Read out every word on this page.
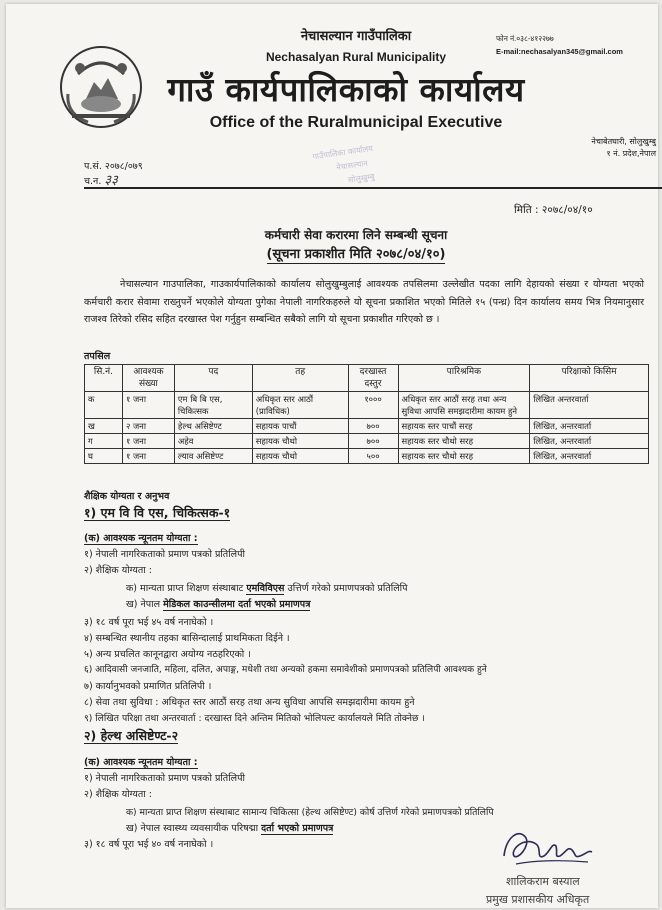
नेचासल्यान गाउँपालिका
Nechasalyan Rural Municipality
गाउँ कार्यपालिकाको कार्यालय
Office of the Ruralmunicipal Executive
फोन नं.०३८-४१२२७७
E-mail:nechasalyan345@gmail.com
नेचाबेतघारी, सोलुखुम्बु
१ नं. प्रदेश,नेपाल
गाउँपालिका कार्यालय
नेचासल्यान
सोलुखुम्बु
प.सं. २०७८/०७९
च.न. ३३
मिति : २०७८/०४/१०
कर्मचारी सेवा करारमा लिने सम्बन्धी सूचना
(सूचना प्रकाशीत मिति २०७८/०४/१०)
नेचासल्यान गाउपालिका, गाउकार्यपालिकाको कार्यालय सोलुखुम्बुलाई आवश्यक तपसिलमा उल्लेखीत पदका लागि देहायको संख्या र योग्यता भएको कर्मचारी करार सेवामा राख्नुपर्ने भएकोले योग्यता पुगेका नेपाली नागरिकहरुले यो सूचना प्रकाशित भएको मितिले १५ (पन्ध्र) दिन कार्यालय समय भित्र नियमानुसार राजश्व तिरेको रसिद सहित दरखास्त पेश गर्नुहुन सम्बन्धित सबैको लागि यो सूचना प्रकाशीत गरिएको छ ।
तपसिल
सि.नं.	आवश्यक संख्या	पद	तह	दरखास्त दस्तुर	पारिश्रमिक	परिक्षाको किसिम
क	१ जना	एम बि बि एस, चिकित्सक	अधिकृत स्तर आठौं (प्राविधिक)	१०००	अधिकृत स्तर आठौं सरह तथा अन्य सुविधा आपसि समझदारीमा कायम हुने	लिखित अन्तरवार्ता
ख	२ जना	हेल्थ असिष्टेण्ट	सहायक पाचौं	७००	सहायक स्तर पाचौं सरह	लिखित, अन्तरवार्ता
ग	१ जना	अहेव	सहायक चौथो	७००	सहायक स्तर चौथो सरह	लिखित, अन्तरवार्ता
घ	१ जना	ल्याव असिष्टेण्ट	सहायक चौथो	५००	सहायक स्तर चौथो सरह	लिखित, अन्तरवार्ता
शैक्षिक योग्यता र अनुभव
१) एम वि वि एस, चिकित्सक-१
(क) आवश्यक न्यूनतम योग्यता :
१) नेपाली नागरिकताको प्रमाण पत्रको प्रतिलिपी
२) शैक्षिक योग्यता :
क) मान्यता प्राप्त शिक्षण संस्थाबाट एमविविएस उत्तिर्ण गरेको प्रमाणपत्रको प्रतिलिपि
ख) नेपाल मेडिकल काउन्सीलमा दर्ता भएको प्रमाणपत्र
३) १८ वर्ष पूरा भई ४५ वर्ष ननाघेको ।
४) सम्बन्धित स्थानीय तहका बासिन्दालाई प्राथमिकता दिईने ।
५) अन्य प्रचलित कानूनद्वारा अयोग्य नठहरिएको ।
६) आदिवासी जनजाति, महिला, दलित, अपाङ्ग, मधेशी तथा अन्यको हकमा समावेशीको प्रमाणपत्रको प्रतिलिपी आवश्यक हुने
७) कार्यानुभवको प्रमाणित प्रतिलिपी ।
८) सेवा तथा सुविधा : अधिकृत स्तर आठौं सरह तथा अन्य सुविधा आपसि समझदारीमा कायम हुने
९) लिखित परिक्षा तथा अन्तरवार्ता : दरखास्त दिने अन्तिम मितिको भोलिपल्ट कार्यालयले मिति तोक्नेछ ।
२) हेल्थ असिष्टेण्ट-२
(क) आवश्यक न्यूनतम योग्यता :
१) नेपाली नागरिकताको प्रमाण पत्रको प्रतिलिपी
२) शैक्षिक योग्यता :
क) मान्यता प्राप्त शिक्षण संस्थाबाट सामान्य चिकित्सा (हेल्थ असिष्टेण्ट) कोर्ष उत्तिर्ण गरेको प्रमाणपत्रको प्रतिलिपि
ख) नेपाल स्वास्थ्य व्यवसायीक परिषद्मा दर्ता भएको प्रमाणपत्र
३) १८ वर्ष पूरा भई ४० वर्ष ननाघेको ।
शालिकराम बस्याल
प्रमुख प्रशासकीय अधिकृत
